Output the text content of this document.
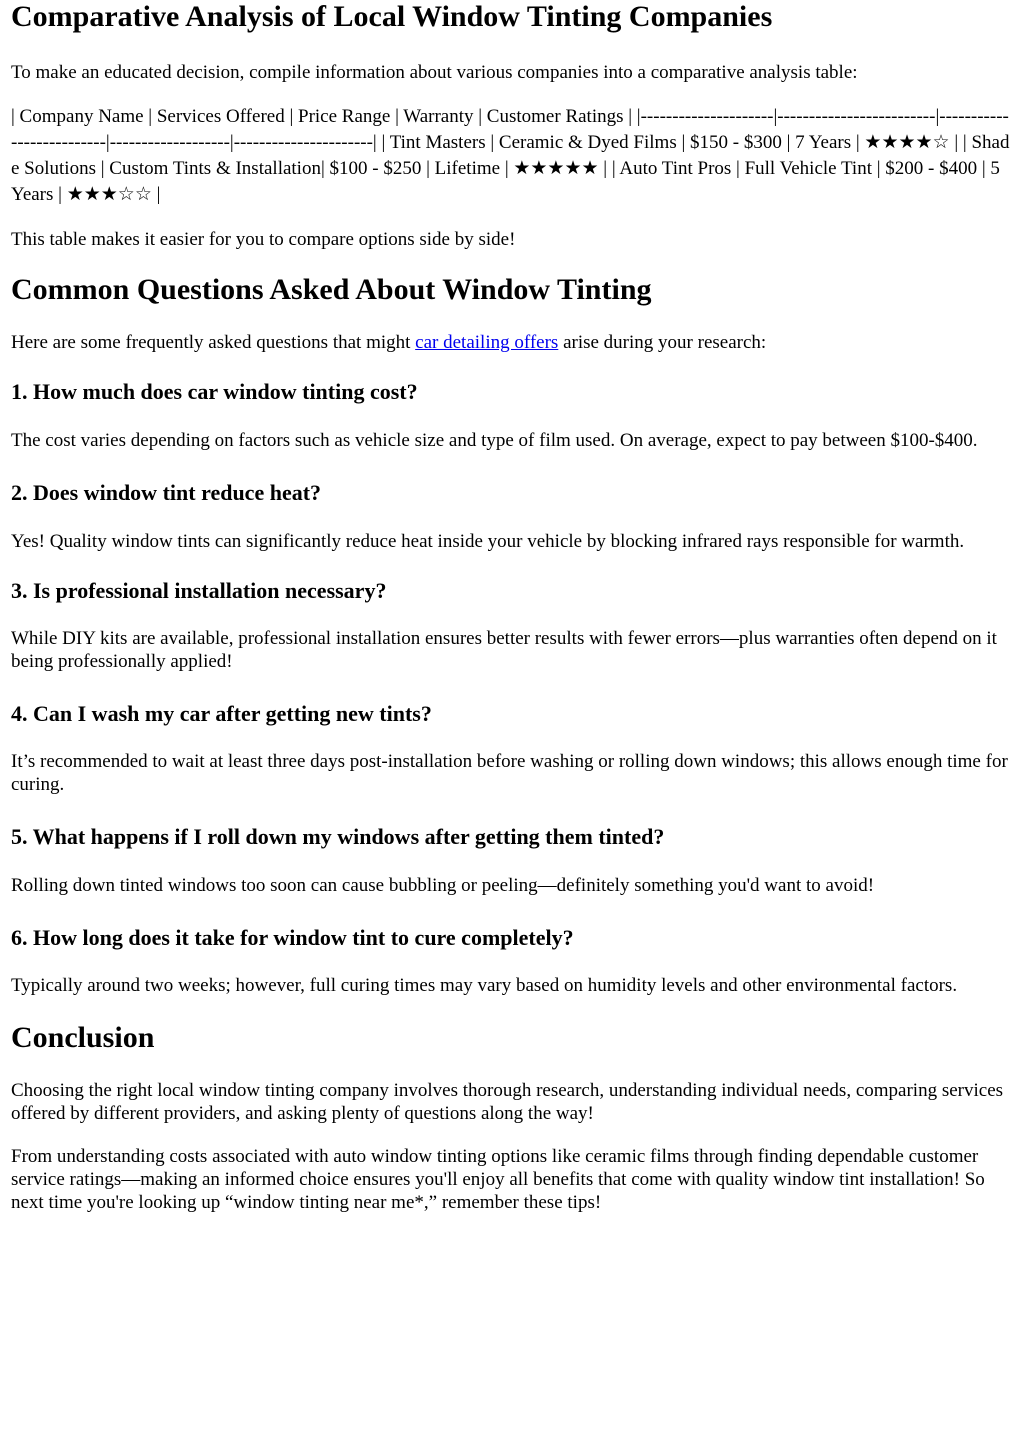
Comparative Analysis of Local Window Tinting Companies

To make an educated decision, compile information about various companies into a comparative analysis table:

| Company Name | Services Offered | Price Range | Warranty | Customer Ratings | |---------------------|-------------------------|--------------------------|-------------------|----------------------| | Tint Masters | Ceramic & Dyed Films | $150 - $300 | 7 Years | ★★★★☆ | | Shade Solutions | Custom Tints & Installation| $100 - $250 | Lifetime | ★★★★★ | | Auto Tint Pros | Full Vehicle Tint | $200 - $400 | 5 Years | ★★★☆☆ |

This table makes it easier for you to compare options side by side!

Common Questions Asked About Window Tinting

Here are some frequently asked questions that might car detailing offers arise during your research:

1. How much does car window tinting cost?

The cost varies depending on factors such as vehicle size and type of film used. On average, expect to pay between $100-$400.

2. Does window tint reduce heat?

Yes! Quality window tints can significantly reduce heat inside your vehicle by blocking infrared rays responsible for warmth.

3. Is professional installation necessary?

While DIY kits are available, professional installation ensures better results with fewer errors—plus warranties often depend on it being professionally applied!

4. Can I wash my car after getting new tints?

It’s recommended to wait at least three days post-installation before washing or rolling down windows; this allows enough time for curing.

5. What happens if I roll down my windows after getting them tinted?

Rolling down tinted windows too soon can cause bubbling or peeling—definitely something you'd want to avoid!

6. How long does it take for window tint to cure completely?

Typically around two weeks; however, full curing times may vary based on humidity levels and other environmental factors.

Conclusion

Choosing the right local window tinting company involves thorough research, understanding individual needs, comparing services offered by different providers, and asking plenty of questions along the way!

From understanding costs associated with auto window tinting options like ceramic films through finding dependable customer service ratings—making an informed choice ensures you'll enjoy all benefits that come with quality window tint installation! So next time you're looking up “window tinting near me*,” remember these tips!
